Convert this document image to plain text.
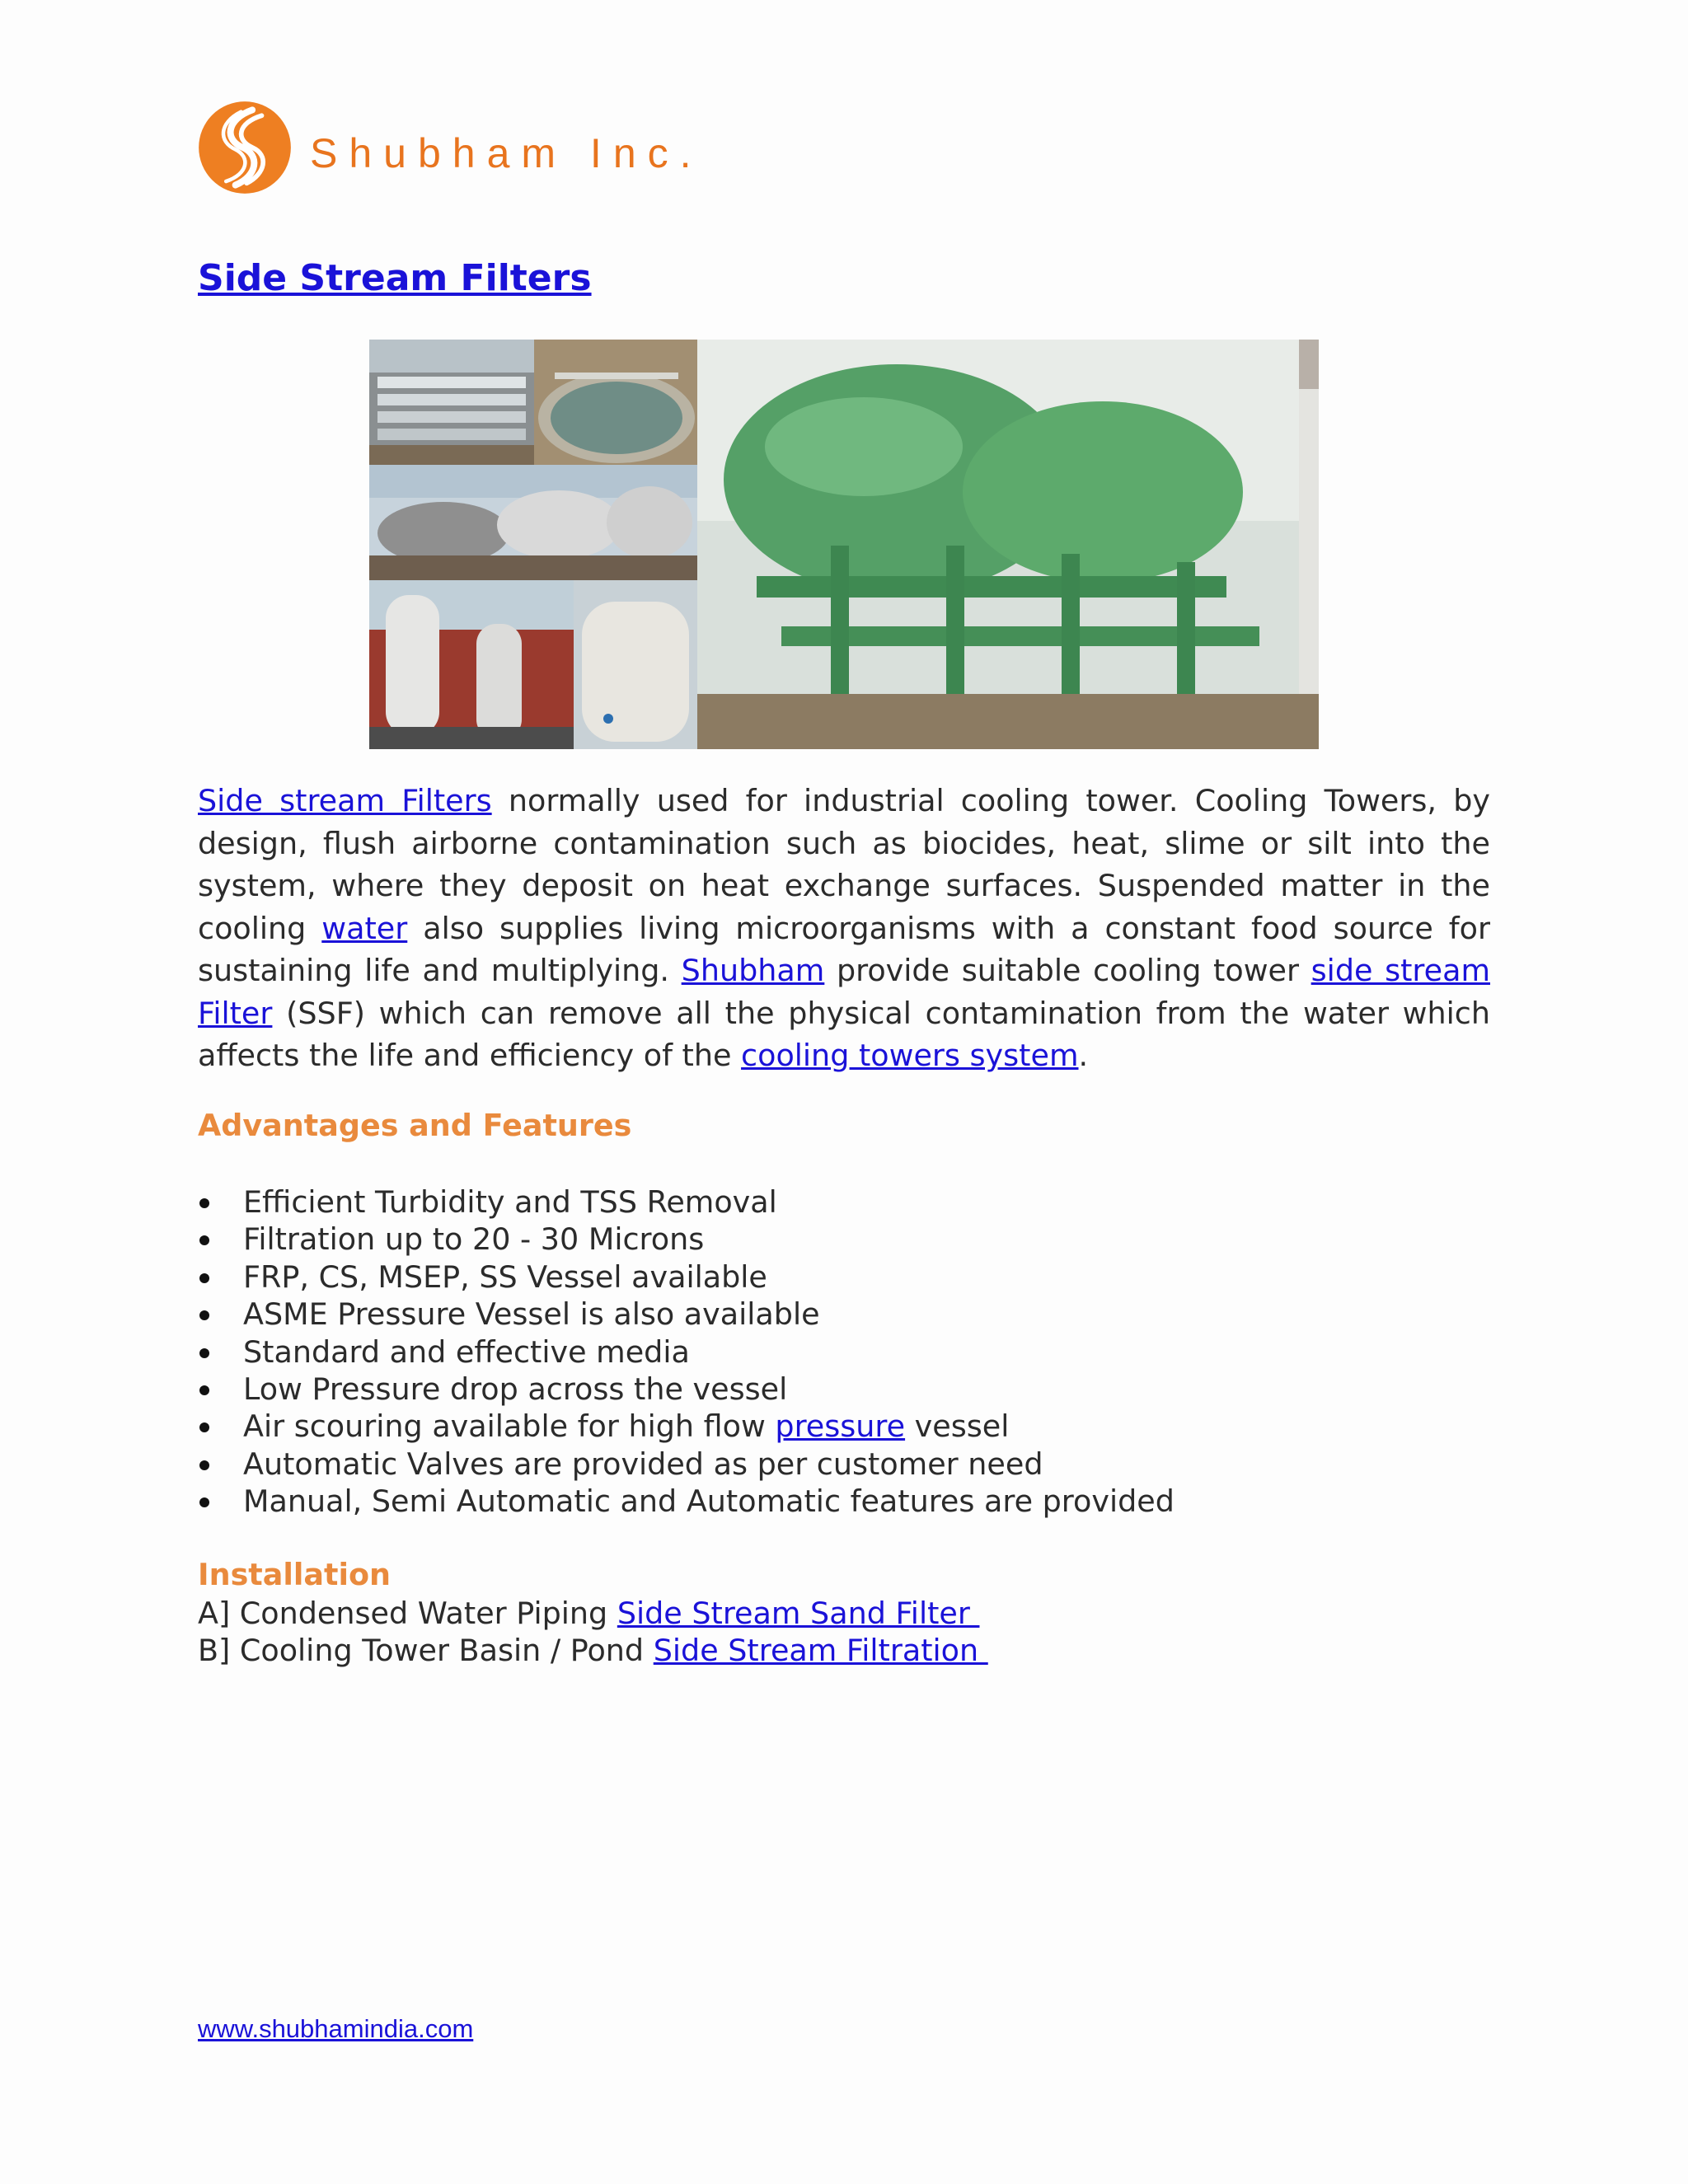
Shubham Inc.
Side Stream Filters

Side stream Filters normally used for industrial cooling tower. Cooling Towers, by design, flush airborne contamination such as biocides, heat, slime or silt into the system, where they deposit on heat exchange surfaces. Suspended matter in the cooling water also supplies living microorganisms with a constant food source for sustaining life and multiplying. Shubham provide suitable cooling tower side stream Filter (SSF) which can remove all the physical contamination from the water which affects the life and efficiency of the cooling towers system.

Advantages and Features
Efficient Turbidity and TSS Removal
Filtration up to 20 - 30 Microns
FRP, CS, MSEP, SS Vessel available
ASME Pressure Vessel is also available
Standard and effective media
Low Pressure drop across the vessel
Air scouring available for high flow pressure vessel
Automatic Valves are provided as per customer need
Manual, Semi Automatic and Automatic features are provided
Installation
A] Condensed Water Piping Side Stream Sand Filter
B] Cooling Tower Basin / Pond Side Stream Filtration
www.shubhamindia.com
